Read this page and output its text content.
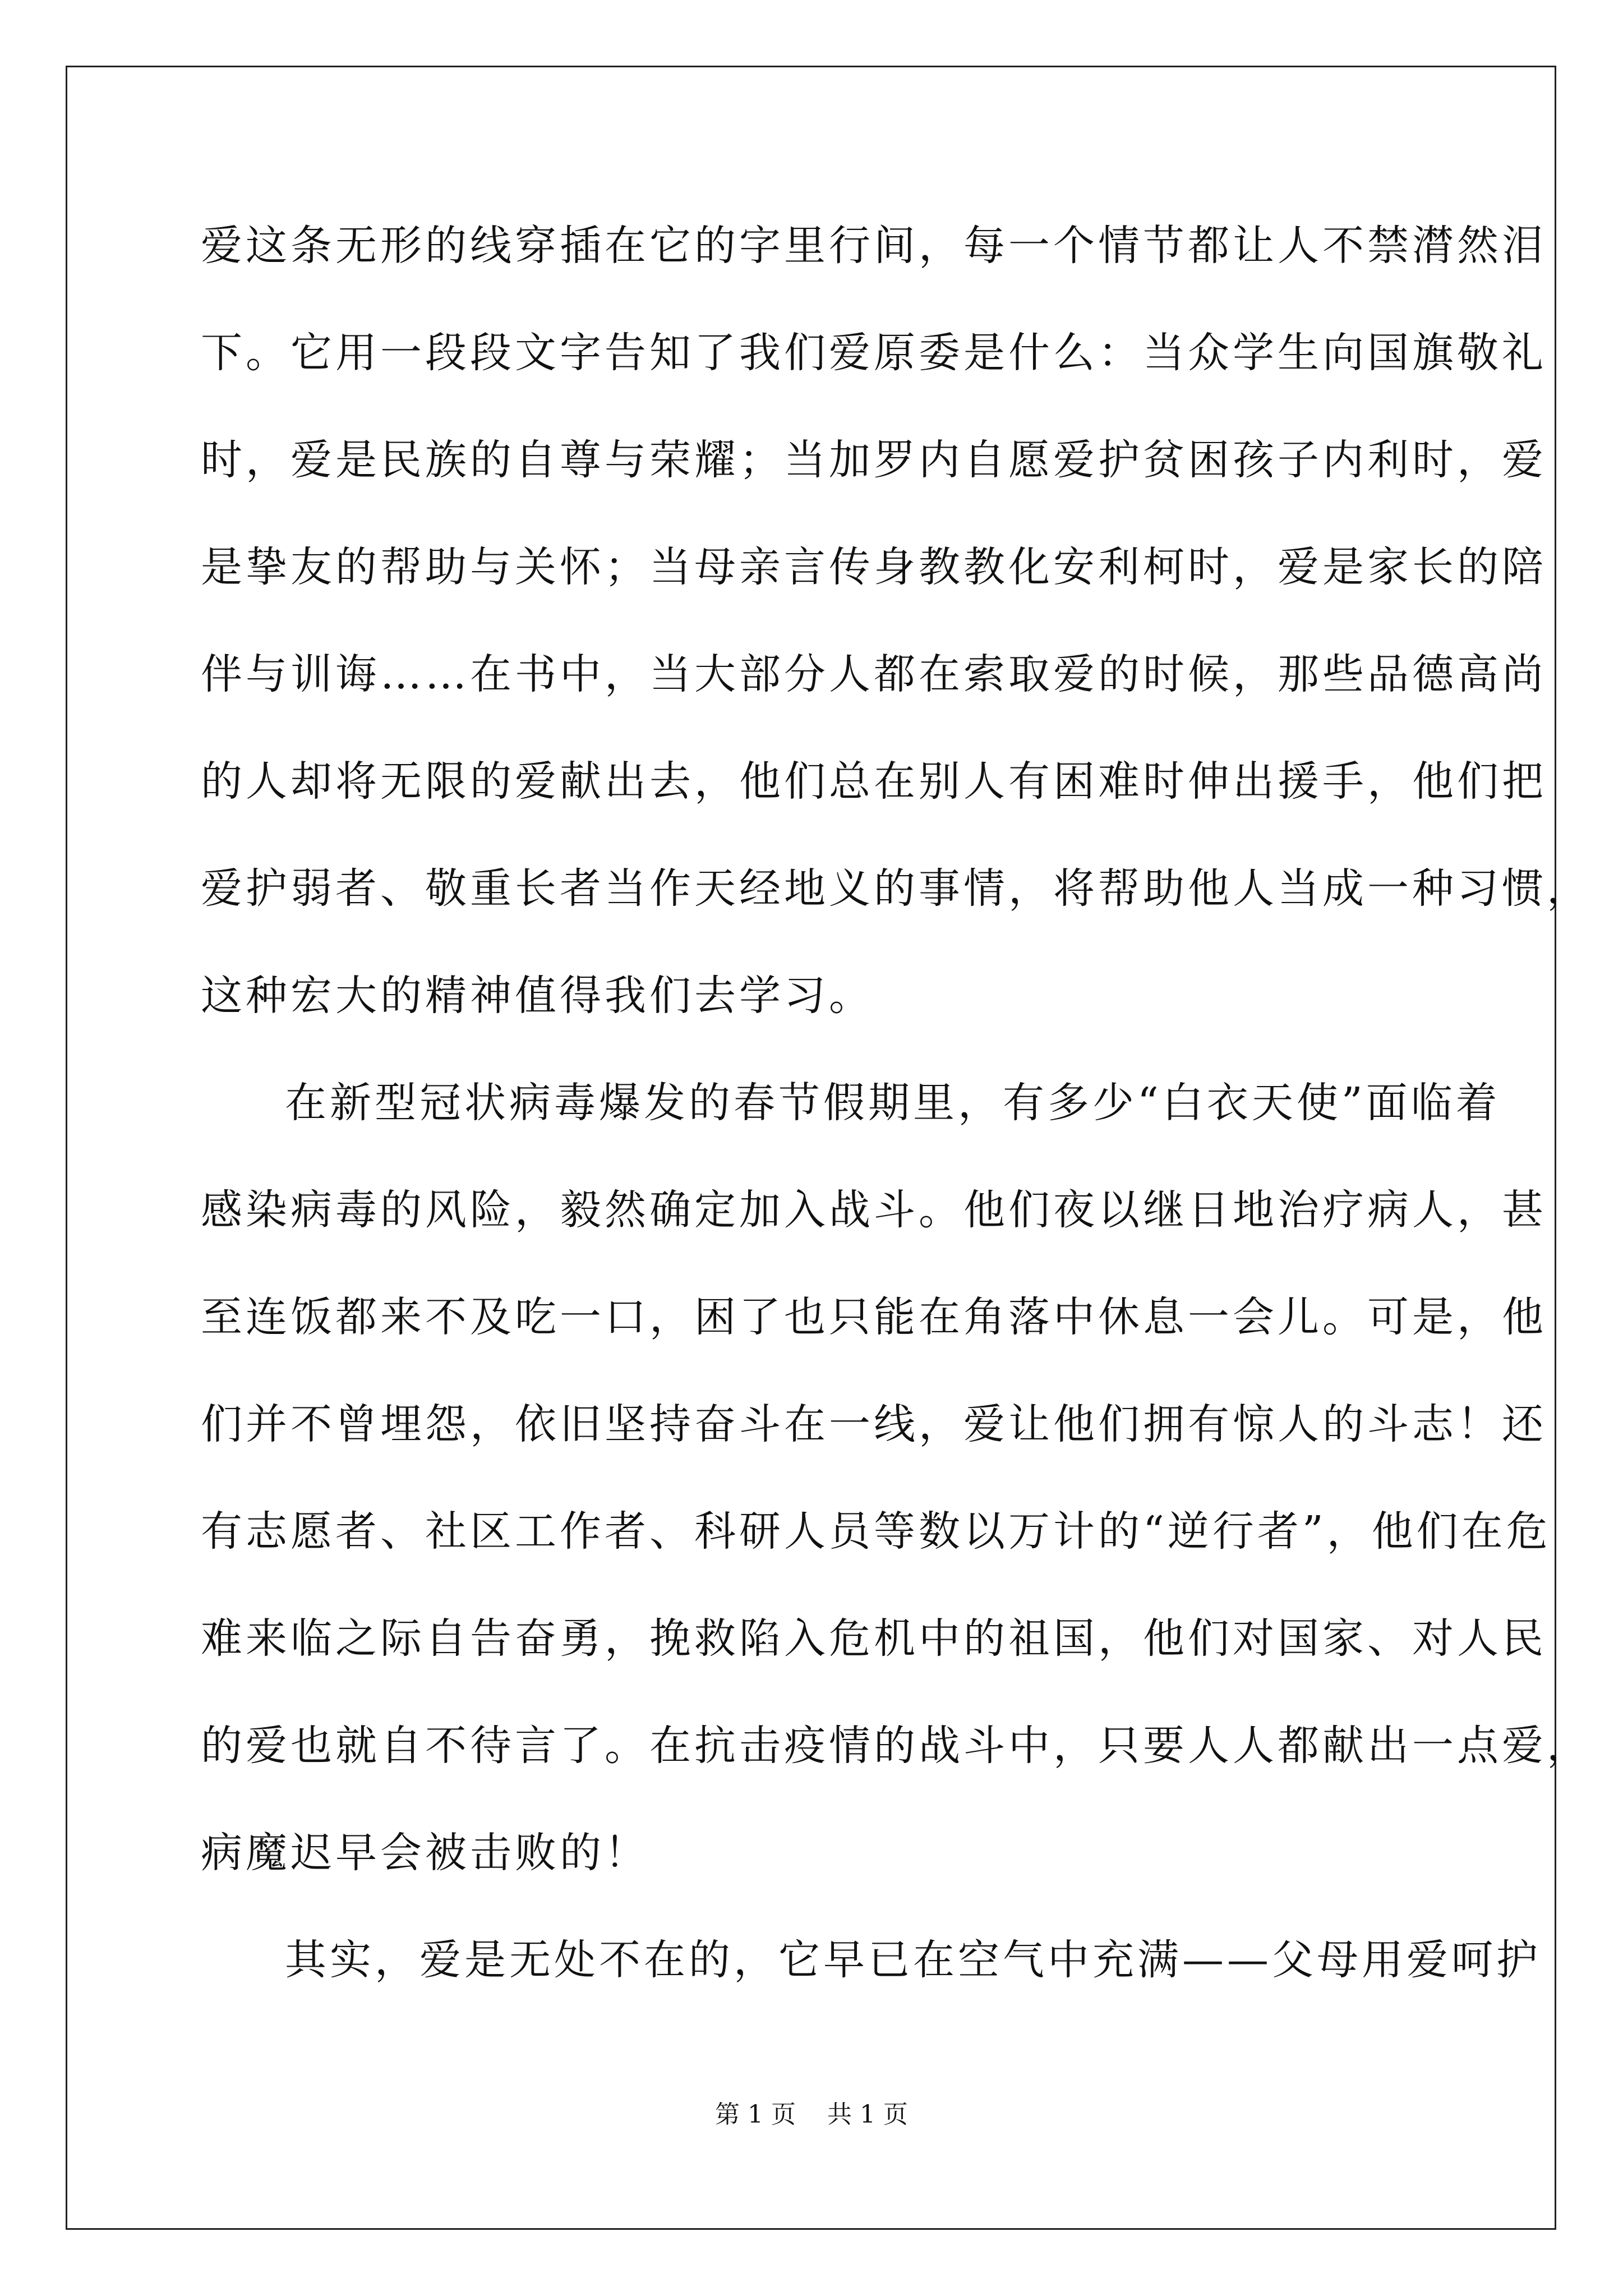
爱这条无形的线穿插在它的字里行间，每一个情节都让人不禁潸然泪
下。它用一段段文字告知了我们爱原委是什么：当众学生向国旗敬礼
时，爱是民族的自尊与荣耀；当加罗内自愿爱护贫困孩子内利时，爱
是挚友的帮助与关怀；当母亲言传身教教化安利柯时，爱是家长的陪
伴与训诲……在书中，当大部分人都在索取爱的时候，那些品德高尚
的人却将无限的爱献出去，他们总在别人有困难时伸出援手，他们把
爱护弱者、敬重长者当作天经地义的事情，将帮助他人当成一种习惯，
这种宏大的精神值得我们去学习。
在新型冠状病毒爆发的春节假期里，有多少“白衣天使”面临着
感染病毒的风险，毅然确定加入战斗。他们夜以继日地治疗病人，甚
至连饭都来不及吃一口，困了也只能在角落中休息一会儿。可是，他
们并不曾埋怨，依旧坚持奋斗在一线，爱让他们拥有惊人的斗志！还
有志愿者、社区工作者、科研人员等数以万计的“逆行者”，他们在危
难来临之际自告奋勇，挽救陷入危机中的祖国，他们对国家、对人民
的爱也就自不待言了。在抗击疫情的战斗中，只要人人都献出一点爱，
病魔迟早会被击败的！
其实，爱是无处不在的，它早已在空气中充满——父母用爱呵护
第 1 页    共 1 页
